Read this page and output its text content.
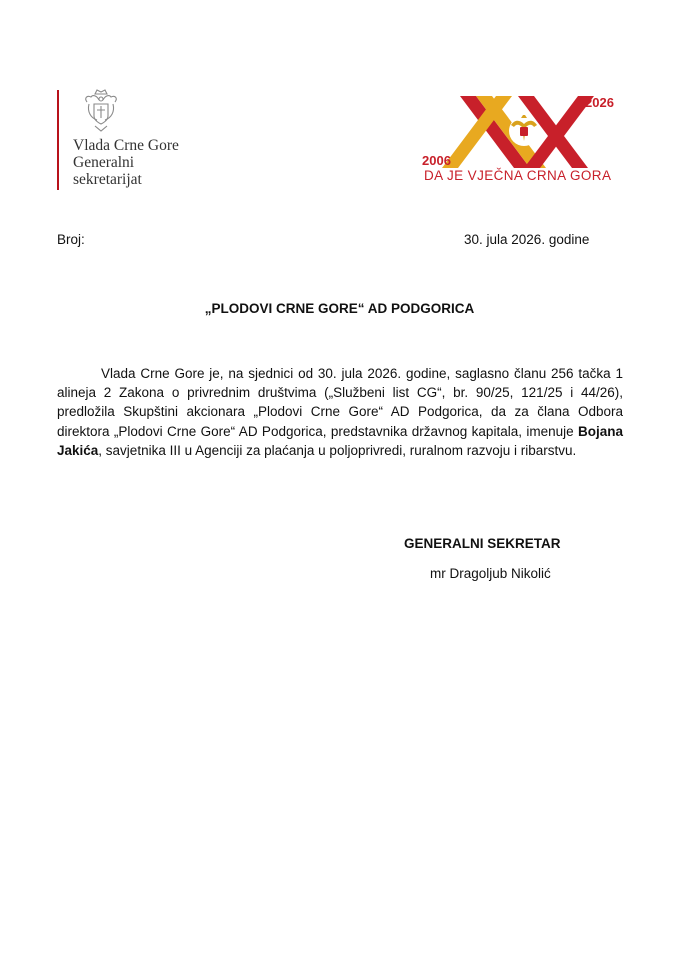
Vlada Crne Gore
Generalni
sekretarijat
2026
2006
DA JE VJEČNA CRNA GORA
Broj:	30. jula 2026. godine
„PLODOVI CRNE GORE“ AD PODGORICA
Vlada Crne Gore je, na sjednici od 30. jula 2026. godine, saglasno članu 256 tačka 1 alineja 2 Zakona o privrednim društvima („Službeni list CG“, br. 90/25, 121/25 i 44/26), predložila Skupštini akcionara „Plodovi Crne Gore“ AD Podgorica, da za člana Odbora direktora „Plodovi Crne Gore“ AD Podgorica, predstavnika državnog kapitala, imenuje Bojana Jakića, savjetnika III u Agenciji za plaćanja u poljoprivredi, ruralnom razvoju i ribarstvu.
GENERALNI SEKRETAR
mr Dragoljub Nikolić
